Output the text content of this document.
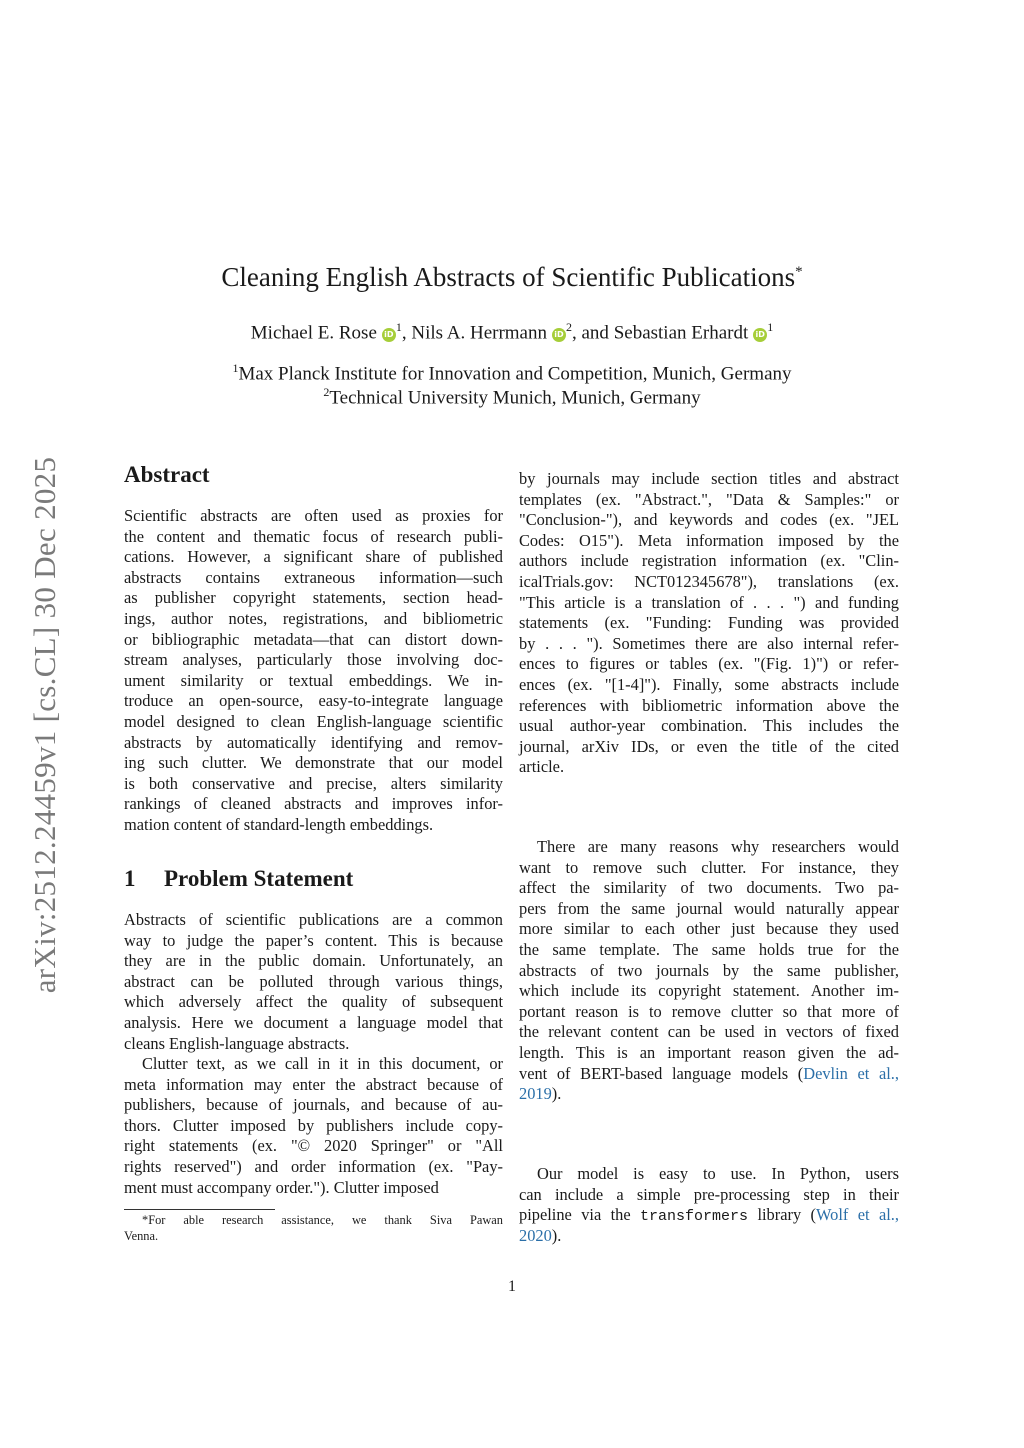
Cleaning English Abstracts of Scientific Publications*
Michael E. Rose $iD^1$, Nils A. Herrmann $iD^2$, and Sebastian Erhardt $iD^1$
$^1$Max Planck Institute for Innovation and Competition, Munich, Germany
$^2$Technical University Munich, Munich, Germany
arXiv:2512.24459v1 [cs.CL] 30 Dec 2025	Abstract
Scientific abstracts are often used as proxies for
the content and thematic focus of research publi-
cations. However, a significant share of published
abstracts contains extraneous information—such
as publisher copyright statements, section head-
ings, author notes, registrations, and bibliometric
or bibliographic metadata—that can distort down-
stream analyses, particularly those involving doc-
ument similarity or textual embeddings. We in-
troduce an open-source, easy-to-integrate language
model designed to clean English-language scientific
abstracts by automatically identifying and remov-
ing such clutter. We demonstrate that our model
is both conservative and precise, alters similarity
rankings of cleaned abstracts and improves infor-
mation content of standard-length embeddings.
1 Problem Statement
Abstracts of scientific publications are a common
way to judge the paper’s content. This is because
they are in the public domain. Unfortunately, an
abstract can be polluted through various things,
which adversely affect the quality of subsequent
analysis. Here we document a language model that
cleans English-language abstracts.
Clutter text, as we call in it in this document, or
meta information may enter the abstract because of
publishers, because of journals, and because of au-
thors. Clutter imposed by publishers include copy-
right statements (ex. "© 2020 Springer" or "All
rights reserved") and order information (ex. "Pay-
ment must accompany order."). Clutter imposed
by journals may include section titles and abstract
templates (ex. "Abstract.", "Data & Samples:" or
"Conclusion-"), and keywords and codes (ex. "JEL
Codes: O15"). Meta information imposed by the
authors include registration information (ex. "Clin-
icalTrials.gov: NCT012345678"), translations (ex.
"This article is a translation of . . . ") and funding
statements (ex. "Funding: Funding was provided
by . . . "). Sometimes there are also internal refer-
ences to figures or tables (ex. "(Fig. 1)") or refer-
ences (ex. "[1-4]"). Finally, some abstracts include
references with bibliometric information above the
usual author-year combination. This includes the
journal, arXiv IDs, or even the title of the cited
article.
There are many reasons why researchers would
want to remove such clutter. For instance, they
affect the similarity of two documents. Two pa-
pers from the same journal would naturally appear
more similar to each other just because they used
the same template. The same holds true for the
abstracts of two journals by the same publisher,
which include its copyright statement. Another im-
portant reason is to remove clutter so that more of
the relevant content can be used in vectors of fixed
length. This is an important reason given the ad-
vent of BERT-based language models (Devlin et al.,
2019).
Our model is easy to use. In Python, users
can include a simple pre-processing step in their
pipeline via the transformers library (Wolf et al.,
2020).
*For able research assistance, we thank Siva Pawan
Venna.
1
